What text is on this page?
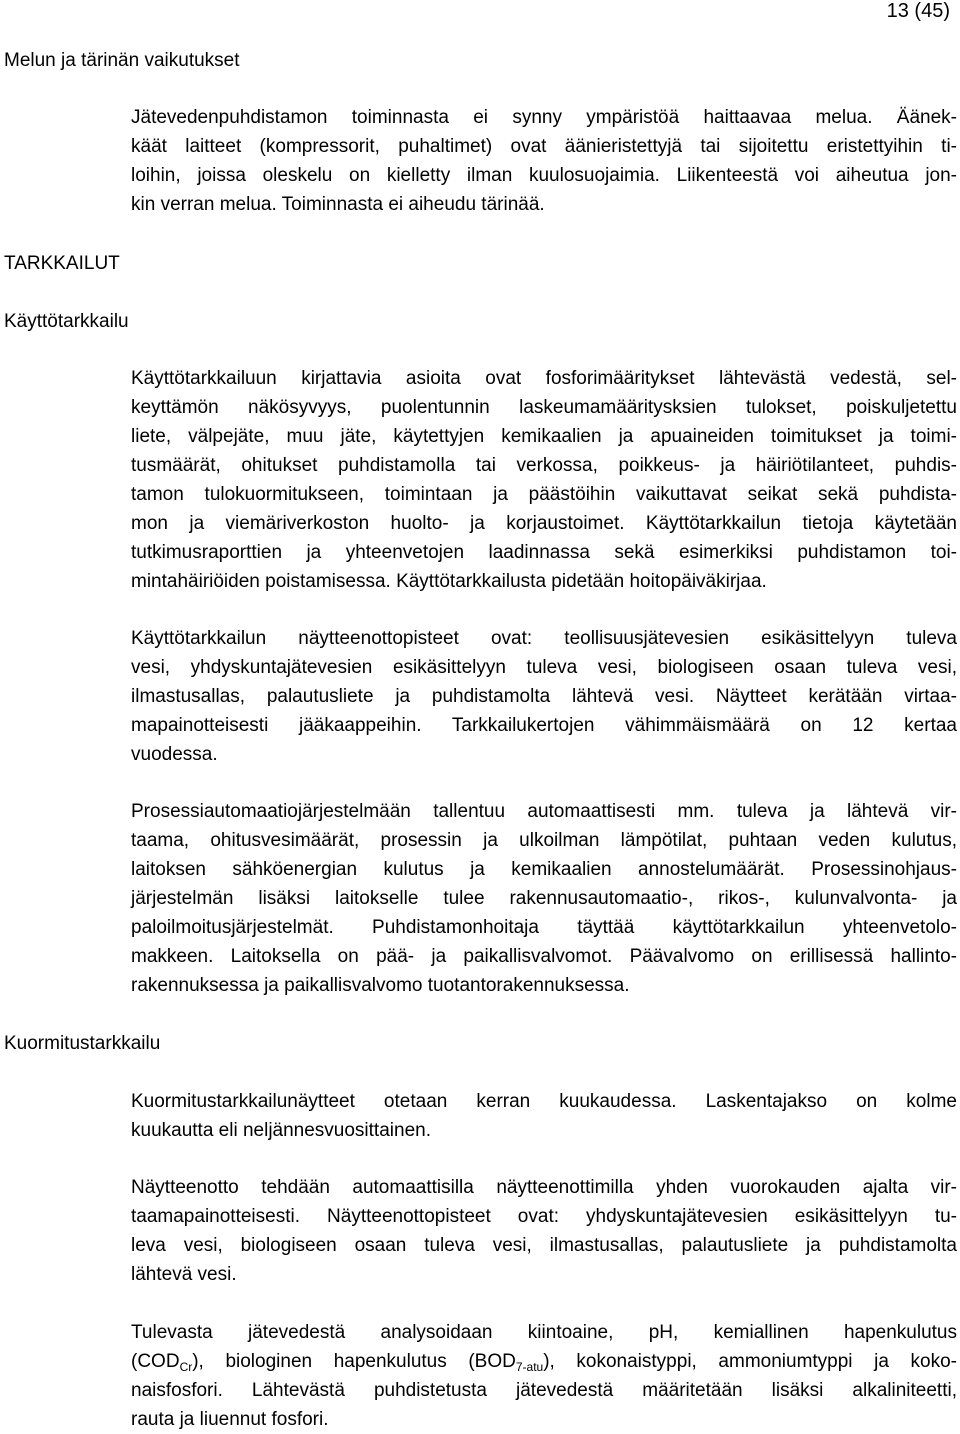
13 (45)
Melun ja tärinän vaikutukset
Jätevedenpuhdistamon toiminnasta ei synny ympäristöä haittaavaa melua. Äänek-
käät laitteet (kompressorit, puhaltimet) ovat äänieristettyjä tai sijoitettu eristettyihin ti-
loihin, joissa oleskelu on kielletty ilman kuulosuojaimia. Liikenteestä voi aiheutua jon-
kin verran melua. Toiminnasta ei aiheudu tärinää.
TARKKAILUT
Käyttötarkkailu
Käyttötarkkailuun kirjattavia asioita ovat fosforimääritykset lähtevästä vedestä, sel-
keyttämön näkösyvyys, puolentunnin laskeumamääritysksien tulokset, poiskuljetettu
liete, välpejäte, muu jäte, käytettyjen kemikaalien ja apuaineiden toimitukset ja toimi-
tusmäärät, ohitukset puhdistamolla tai verkossa, poikkeus- ja häiriötilanteet, puhdis-
tamon tulokuormitukseen, toimintaan ja päästöihin vaikuttavat seikat sekä puhdista-
mon ja viemäriverkoston huolto- ja korjaustoimet. Käyttötarkkailun tietoja käytetään
tutkimusraporttien ja yhteenvetojen laadinnassa sekä esimerkiksi puhdistamon toi-
mintahäiriöiden poistamisessa. Käyttötarkkailusta pidetään hoitopäiväkirjaa.
Käyttötarkkailun näytteenottopisteet ovat: teollisuusjätevesien esikäsittelyyn tuleva
vesi, yhdyskuntajätevesien esikäsittelyyn tuleva vesi, biologiseen osaan tuleva vesi,
ilmastusallas, palautusliete ja puhdistamolta lähtevä vesi. Näytteet kerätään virtaa-
mapainotteisesti jääkaappeihin. Tarkkailukertojen vähimmäismäärä on 12 kertaa
vuodessa.
Prosessiautomaatiojärjestelmään tallentuu automaattisesti mm. tuleva ja lähtevä vir-
taama, ohitusvesimäärät, prosessin ja ulkoilman lämpötilat, puhtaan veden kulutus,
laitoksen sähköenergian kulutus ja kemikaalien annostelumäärät. Prosessinohjaus-
järjestelmän lisäksi laitokselle tulee rakennusautomaatio-, rikos-, kulunvalvonta- ja
paloilmoitusjärjestelmät. Puhdistamonhoitaja täyttää käyttötarkkailun yhteenvetolo-
makkeen. Laitoksella on pää- ja paikallisvalvomot. Päävalvomo on erillisessä hallinto-
rakennuksessa ja paikallisvalvomo tuotantorakennuksessa.
Kuormitustarkkailu
Kuormitustarkkailunäytteet otetaan kerran kuukaudessa. Laskentajakso on kolme
kuukautta eli neljännesvuosittainen.
Näytteenotto tehdään automaattisilla näytteenottimilla yhden vuorokauden ajalta vir-
taamapainotteisesti. Näytteenottopisteet ovat: yhdyskuntajätevesien esikäsittelyyn tu-
leva vesi, biologiseen osaan tuleva vesi, ilmastusallas, palautusliete ja puhdistamolta
lähtevä vesi.
Tulevasta jätevedestä analysoidaan kiintoaine, pH, kemiallinen hapenkulutus
$(COD_{Cr})$, biologinen hapenkulutus $(BOD_{7-atu})$, kokonaistyppi, ammoniumtyppi ja koko-
naisfosfori. Lähtevästä puhdistetusta jätevedestä määritetään lisäksi alkaliniteetti,
rauta ja liuennut fosfori.
